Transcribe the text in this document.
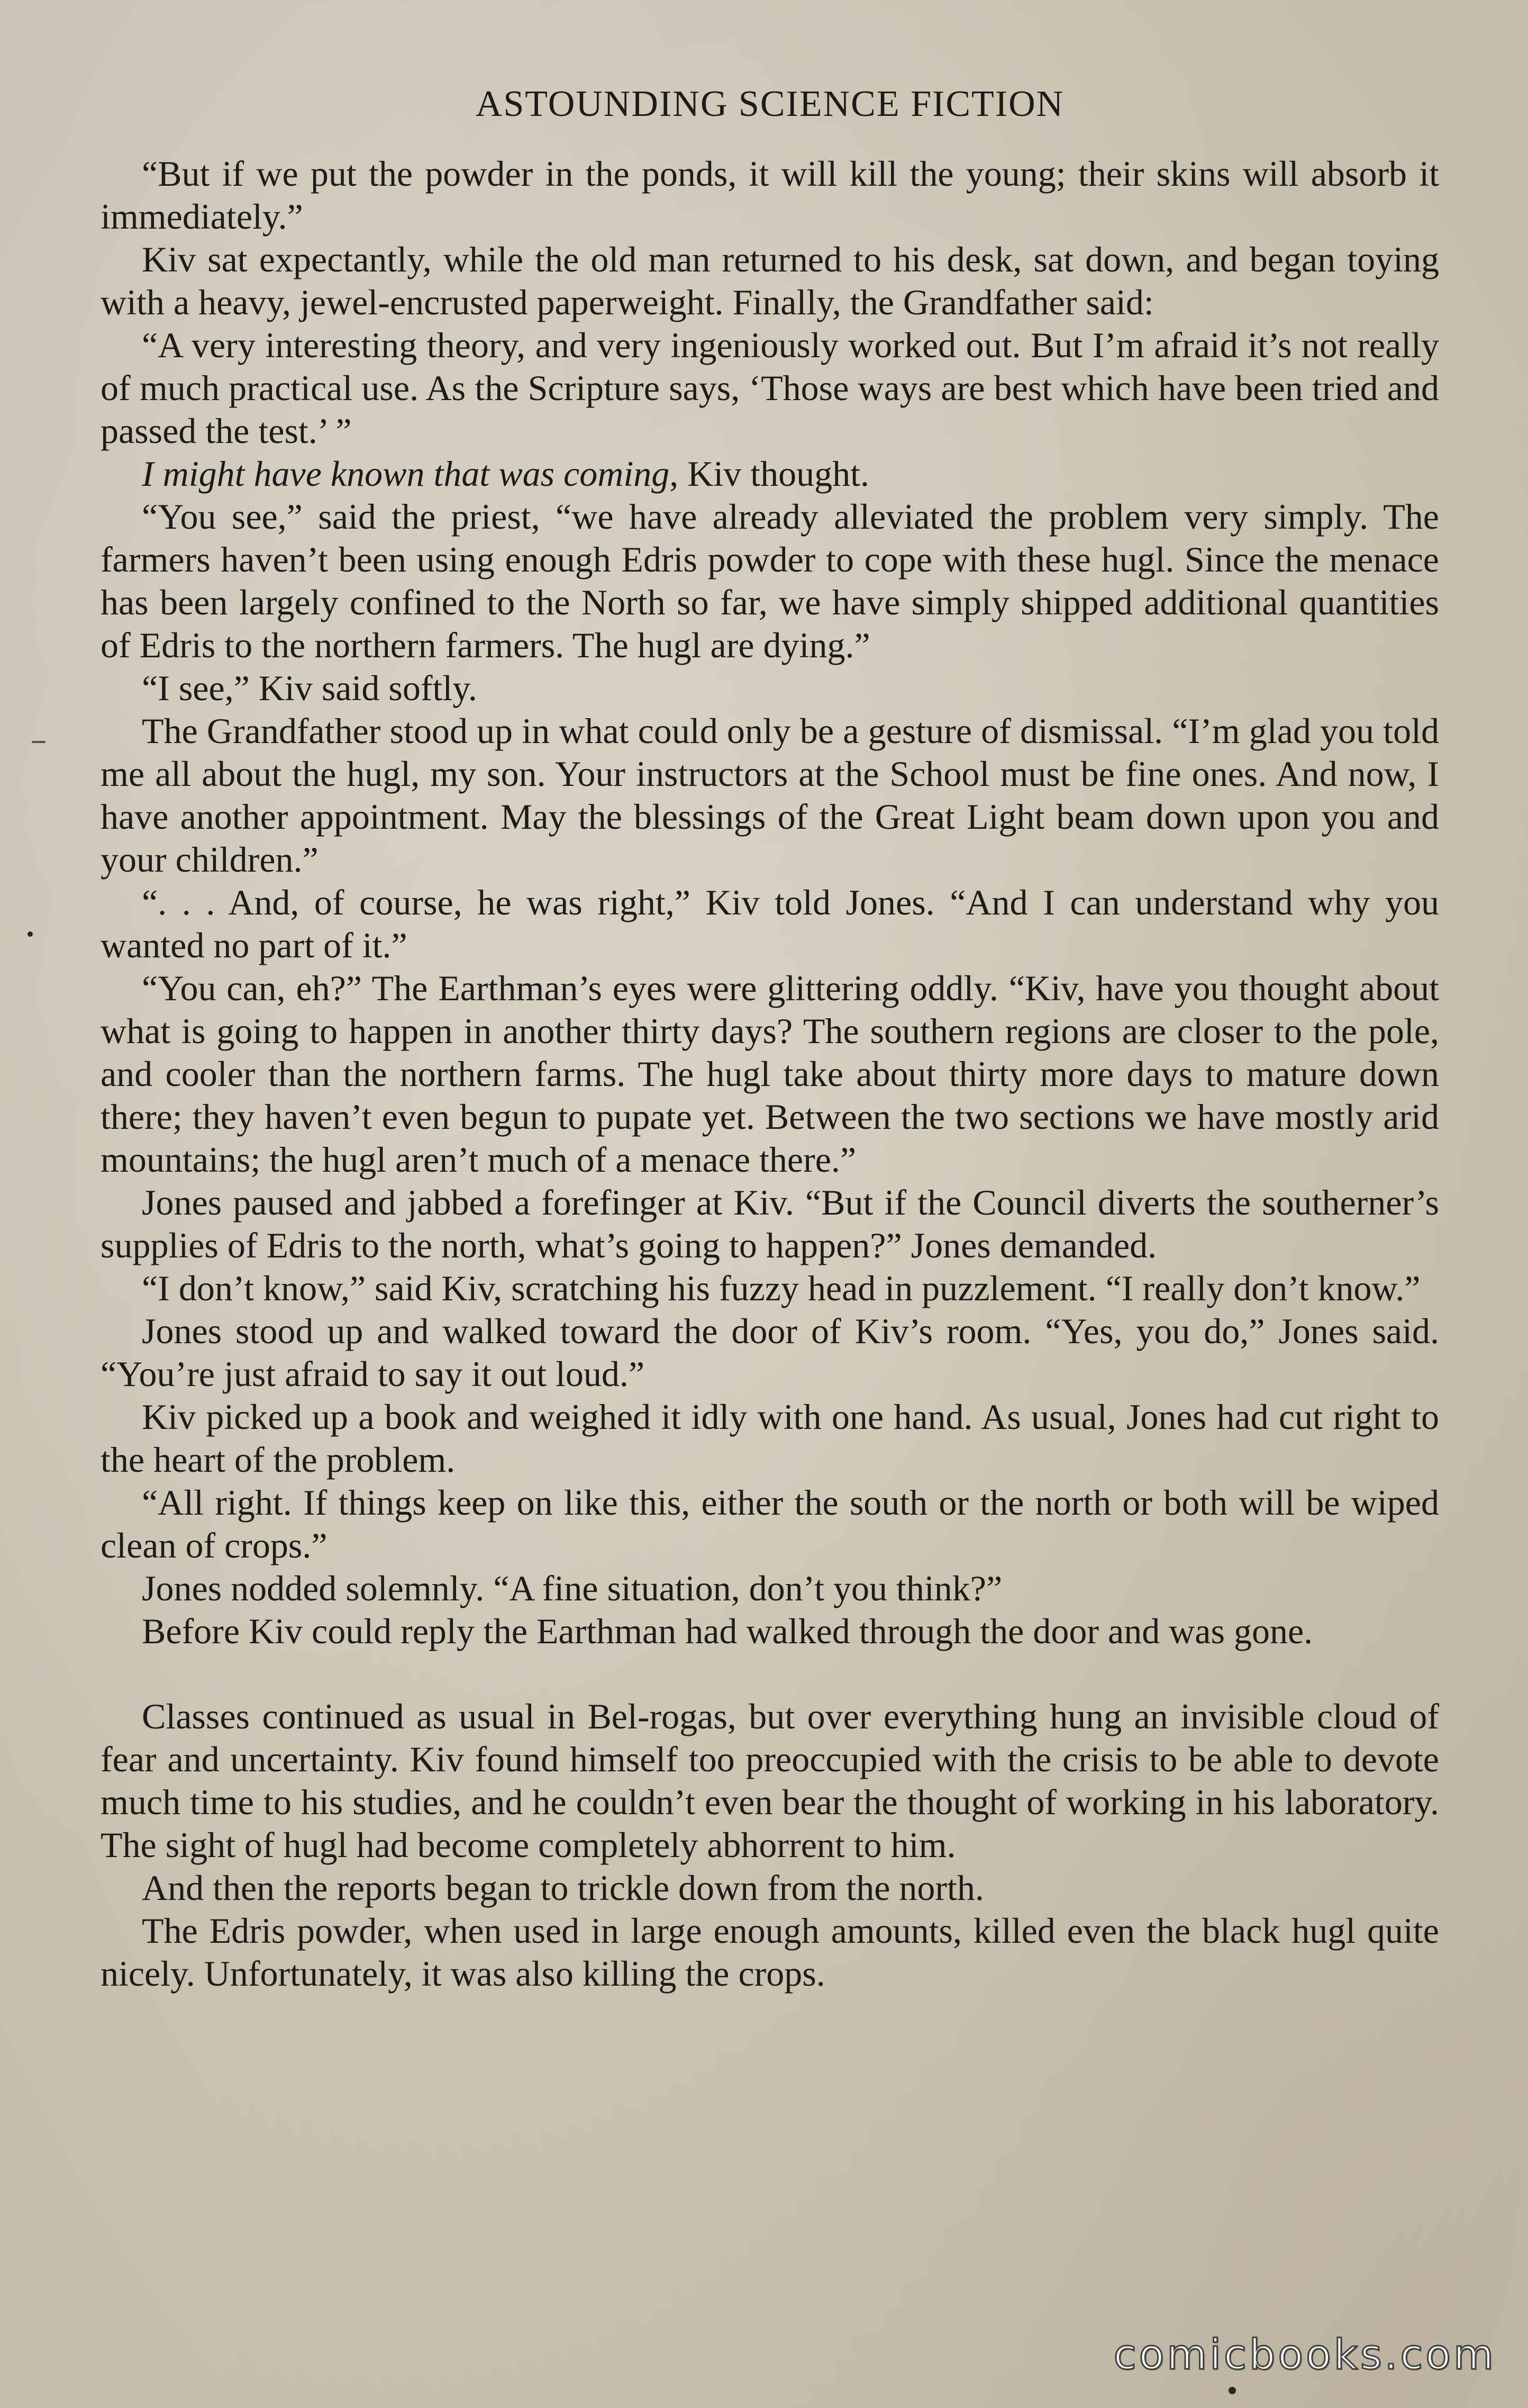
ASTOUNDING SCIENCE FICTION

“But if we put the powder in the ponds, it will kill the young; their skins will absorb it immediately.”

Kiv sat expectantly, while the old man returned to his desk, sat down, and began toying with a heavy, jewel-encrusted paperweight. Finally, the Grandfather said:

“A very interesting theory, and very ingeniously worked out. But I’m afraid it’s not really of much practical use. As the Scripture says, ‘Those ways are best which have been tried and passed the test.’ ”

I might have known that was coming, Kiv thought.

“You see,” said the priest, “we have already alleviated the problem very simply. The farmers haven’t been using enough Edris powder to cope with these hugl. Since the menace has been largely confined to the North so far, we have simply shipped additional quantities of Edris to the northern farmers. The hugl are dying.”

“I see,” Kiv said softly.

The Grandfather stood up in what could only be a gesture of dismissal. “I’m glad you told me all about the hugl, my son. Your instructors at the School must be fine ones. And now, I have another appointment. May the blessings of the Great Light beam down upon you and your children.”

“. . . And, of course, he was right,” Kiv told Jones. “And I can understand why you wanted no part of it.”

“You can, eh?” The Earthman’s eyes were glittering oddly. “Kiv, have you thought about what is going to happen in another thirty days? The southern regions are closer to the pole, and cooler than the northern farms. The hugl take about thirty more days to mature down there; they haven’t even begun to pupate yet. Between the two sections we have mostly arid mountains; the hugl aren’t much of a menace there.”

Jones paused and jabbed a forefinger at Kiv. “But if the Council diverts the southerner’s supplies of Edris to the north, what’s going to happen?” Jones demanded.

“I don’t know,” said Kiv, scratching his fuzzy head in puzzlement. “I really don’t know.”

Jones stood up and walked toward the door of Kiv’s room. “Yes, you do,” Jones said. “You’re just afraid to say it out loud.”

Kiv picked up a book and weighed it idly with one hand. As usual, Jones had cut right to the heart of the problem.

“All right. If things keep on like this, either the south or the north or both will be wiped clean of crops.”

Jones nodded solemnly. “A fine situation, don’t you think?”

Before Kiv could reply the Earthman had walked through the door and was gone.

Classes continued as usual in Bel-rogas, but over everything hung an invisible cloud of fear and uncertainty. Kiv found himself too preoccupied with the crisis to be able to devote much time to his studies, and he couldn’t even bear the thought of working in his laboratory. The sight of hugl had become completely abhorrent to him.

And then the reports began to trickle down from the north.

The Edris powder, when used in large enough amounts, killed even the black hugl quite nicely. Unfortunately, it was also killing the crops.

comicbooks.com
